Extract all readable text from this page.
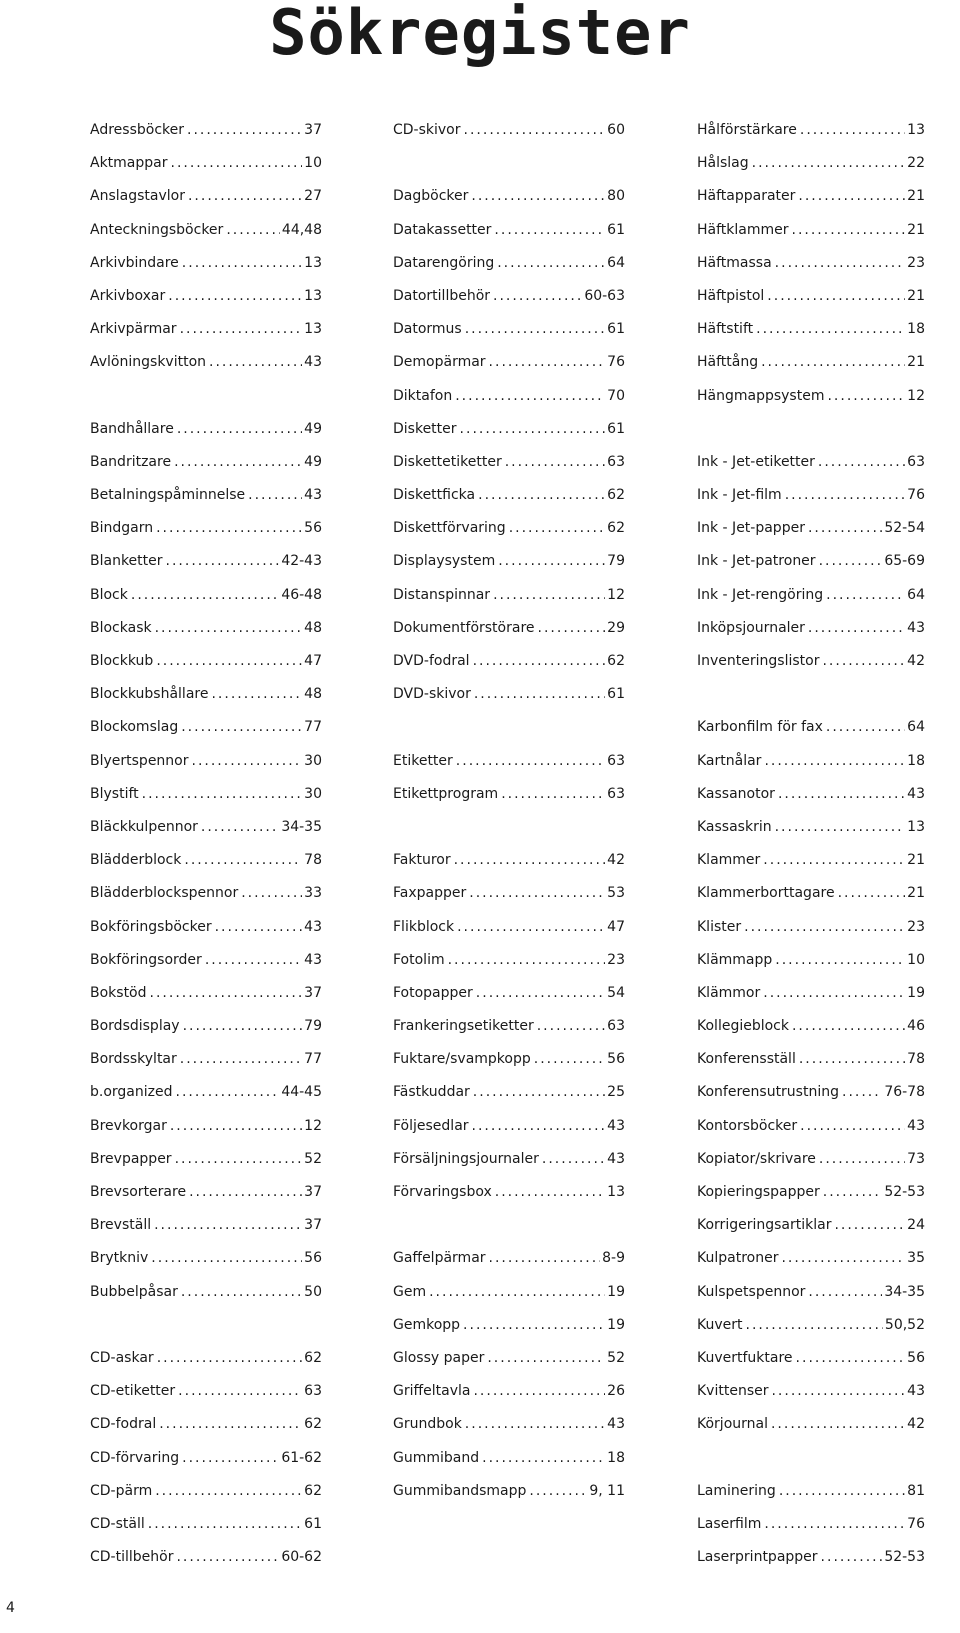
Sökregister
Adressböcker .....	37
Aktmappar .....	10
Anslagstavlor .....	27
Anteckningsböcker .....	44,48
Arkivbindare .....	13
Arkivboxar .....	13
Arkivpärmar .....	13
Avlöningskvitton .....	43
Bandhållare .....	49
Bandritzare .....	49
Betalningspåminnelse .....	43
Bindgarn .....	56
Blanketter .....	42-43
Block .....	46-48
Blockask .....	48
Blockkub .....	47
Blockkubshållare .....	48
Blockomslag .....	77
Blyertspennor .....	30
Blystift .....	30
Bläckkulpennor .....	34-35
Blädderblock .....	78
Blädderblockspennor .....	33
Bokföringsböcker .....	43
Bokföringsorder .....	43
Bokstöd .....	37
Bordsdisplay .....	79
Bordsskyltar .....	77
b.organized .....	44-45
Brevkorgar .....	12
Brevpapper .....	52
Brevsorterare .....	37
Brevställ .....	37
Brytkniv .....	56
Bubbelpåsar .....	50
CD-askar .....	62
CD-etiketter .....	63
CD-fodral .....	62
CD-förvaring .....	61-62
CD-pärm .....	62
CD-ställ .....	61
CD-tillbehör .....	60-62
CD-skivor .....	60
Dagböcker .....	80
Datakassetter .....	61
Datarengöring .....	64
Datortillbehör .....	60-63
Datormus .....	61
Demopärmar .....	76
Diktafon .....	70
Disketter .....	61
Diskettetiketter .....	63
Diskettficka .....	62
Diskettförvaring .....	62
Displaysystem .....	79
Distanspinnar .....	12
Dokumentförstörare .....	29
DVD-fodral .....	62
DVD-skivor .....	61
Etiketter .....	63
Etikettprogram .....	63
Fakturor .....	42
Faxpapper .....	53
Flikblock .....	47
Fotolim .....	23
Fotopapper .....	54
Frankeringsetiketter .....	63
Fuktare/svampkopp .....	56
Fästkuddar .....	25
Följesedlar .....	43
Försäljningsjournaler .....	43
Förvaringsbox .....	13
Gaffelpärmar .....	8-9
Gem .....	19
Gemkopp .....	19
Glossy paper .....	52
Griffeltavla .....	26
Grundbok .....	43
Gummiband .....	18
Gummibandsmapp .....	9, 11
Hålförstärkare .....	13
Hålslag .....	22
Häftapparater .....	21
Häftklammer .....	21
Häftmassa .....	23
Häftpistol .....	21
Häftstift .....	18
Häfttång .....	21
Hängmappsystem .....	12
Ink - Jet-etiketter .....	63
Ink - Jet-film .....	76
Ink - Jet-papper .....	52-54
Ink - Jet-patroner .....	65-69
Ink - Jet-rengöring .....	64
Inköpsjournaler .....	43
Inventeringslistor .....	42
Karbonfilm för fax .....	64
Kartnålar .....	18
Kassanotor .....	43
Kassaskrin .....	13
Klammer .....	21
Klammerborttagare .....	21
Klister .....	23
Klämmapp .....	10
Klämmor .....	19
Kollegieblock .....	46
Konferensställ .....	78
Konferensutrustning .....	76-78
Kontorsböcker .....	43
Kopiator/skrivare .....	73
Kopieringspapper .....	52-53
Korrigeringsartiklar .....	24
Kulpatroner .....	35
Kulspetspennor .....	34-35
Kuvert .....	50,52
Kuvertfuktare .....	56
Kvittenser .....	43
Körjournal .....	42
Laminering .....	81
Laserfilm .....	76
Laserprintpapper .....	52-53
4
